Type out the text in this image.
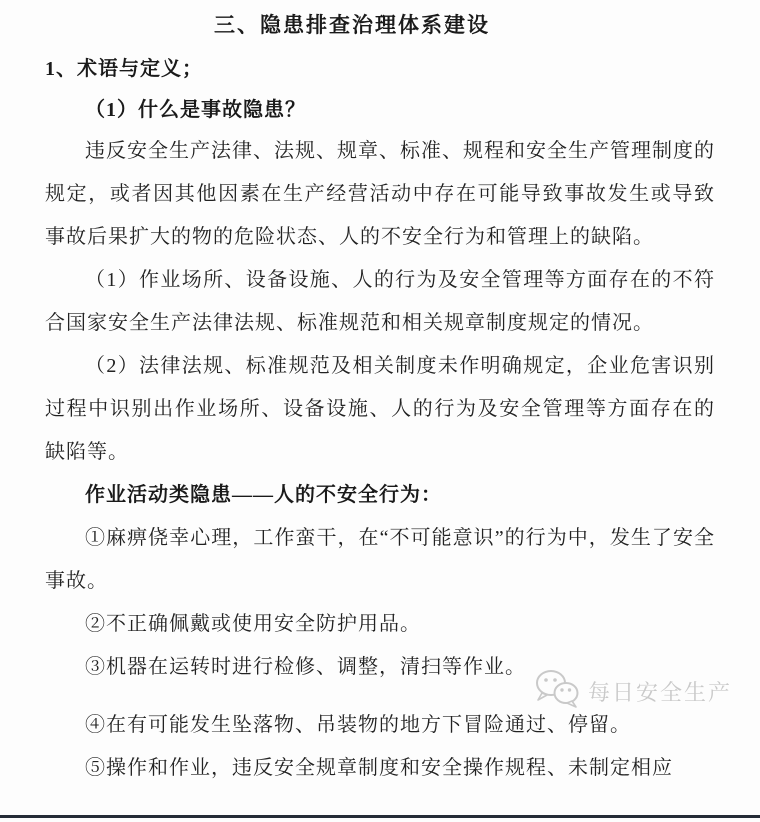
三、隐患排查治理体系建设
1、术语与定义；
（1）什么是事故隐患？

违反安全生产法律、法规、规章、标准、规程和安全生产管理制度的规定，或者因其他因素在生产经营活动中存在可能导致事故发生或导致事故后果扩大的物的危险状态、人的不安全行为和管理上的缺陷。

（1）作业场所、设备设施、人的行为及安全管理等方面存在的不符合国家安全生产法律法规、标准规范和相关规章制度规定的情况。

（2）法律法规、标准规范及相关制度未作明确规定，企业危害识别过程中识别出作业场所、设备设施、人的行为及安全管理等方面存在的缺陷等。

作业活动类隐患——人的不安全行为：

①麻痹侥幸心理，工作蛮干，在“不可能意识”的行为中，发生了安全事故。

②不正确佩戴或使用安全防护用品。

③机器在运转时进行检修、调整，清扫等作业。

④在有可能发生坠落物、吊装物的地方下冒险通过、停留。

⑤操作和作业，违反安全规章制度和安全操作规程、未制定相应

每日安全生产
